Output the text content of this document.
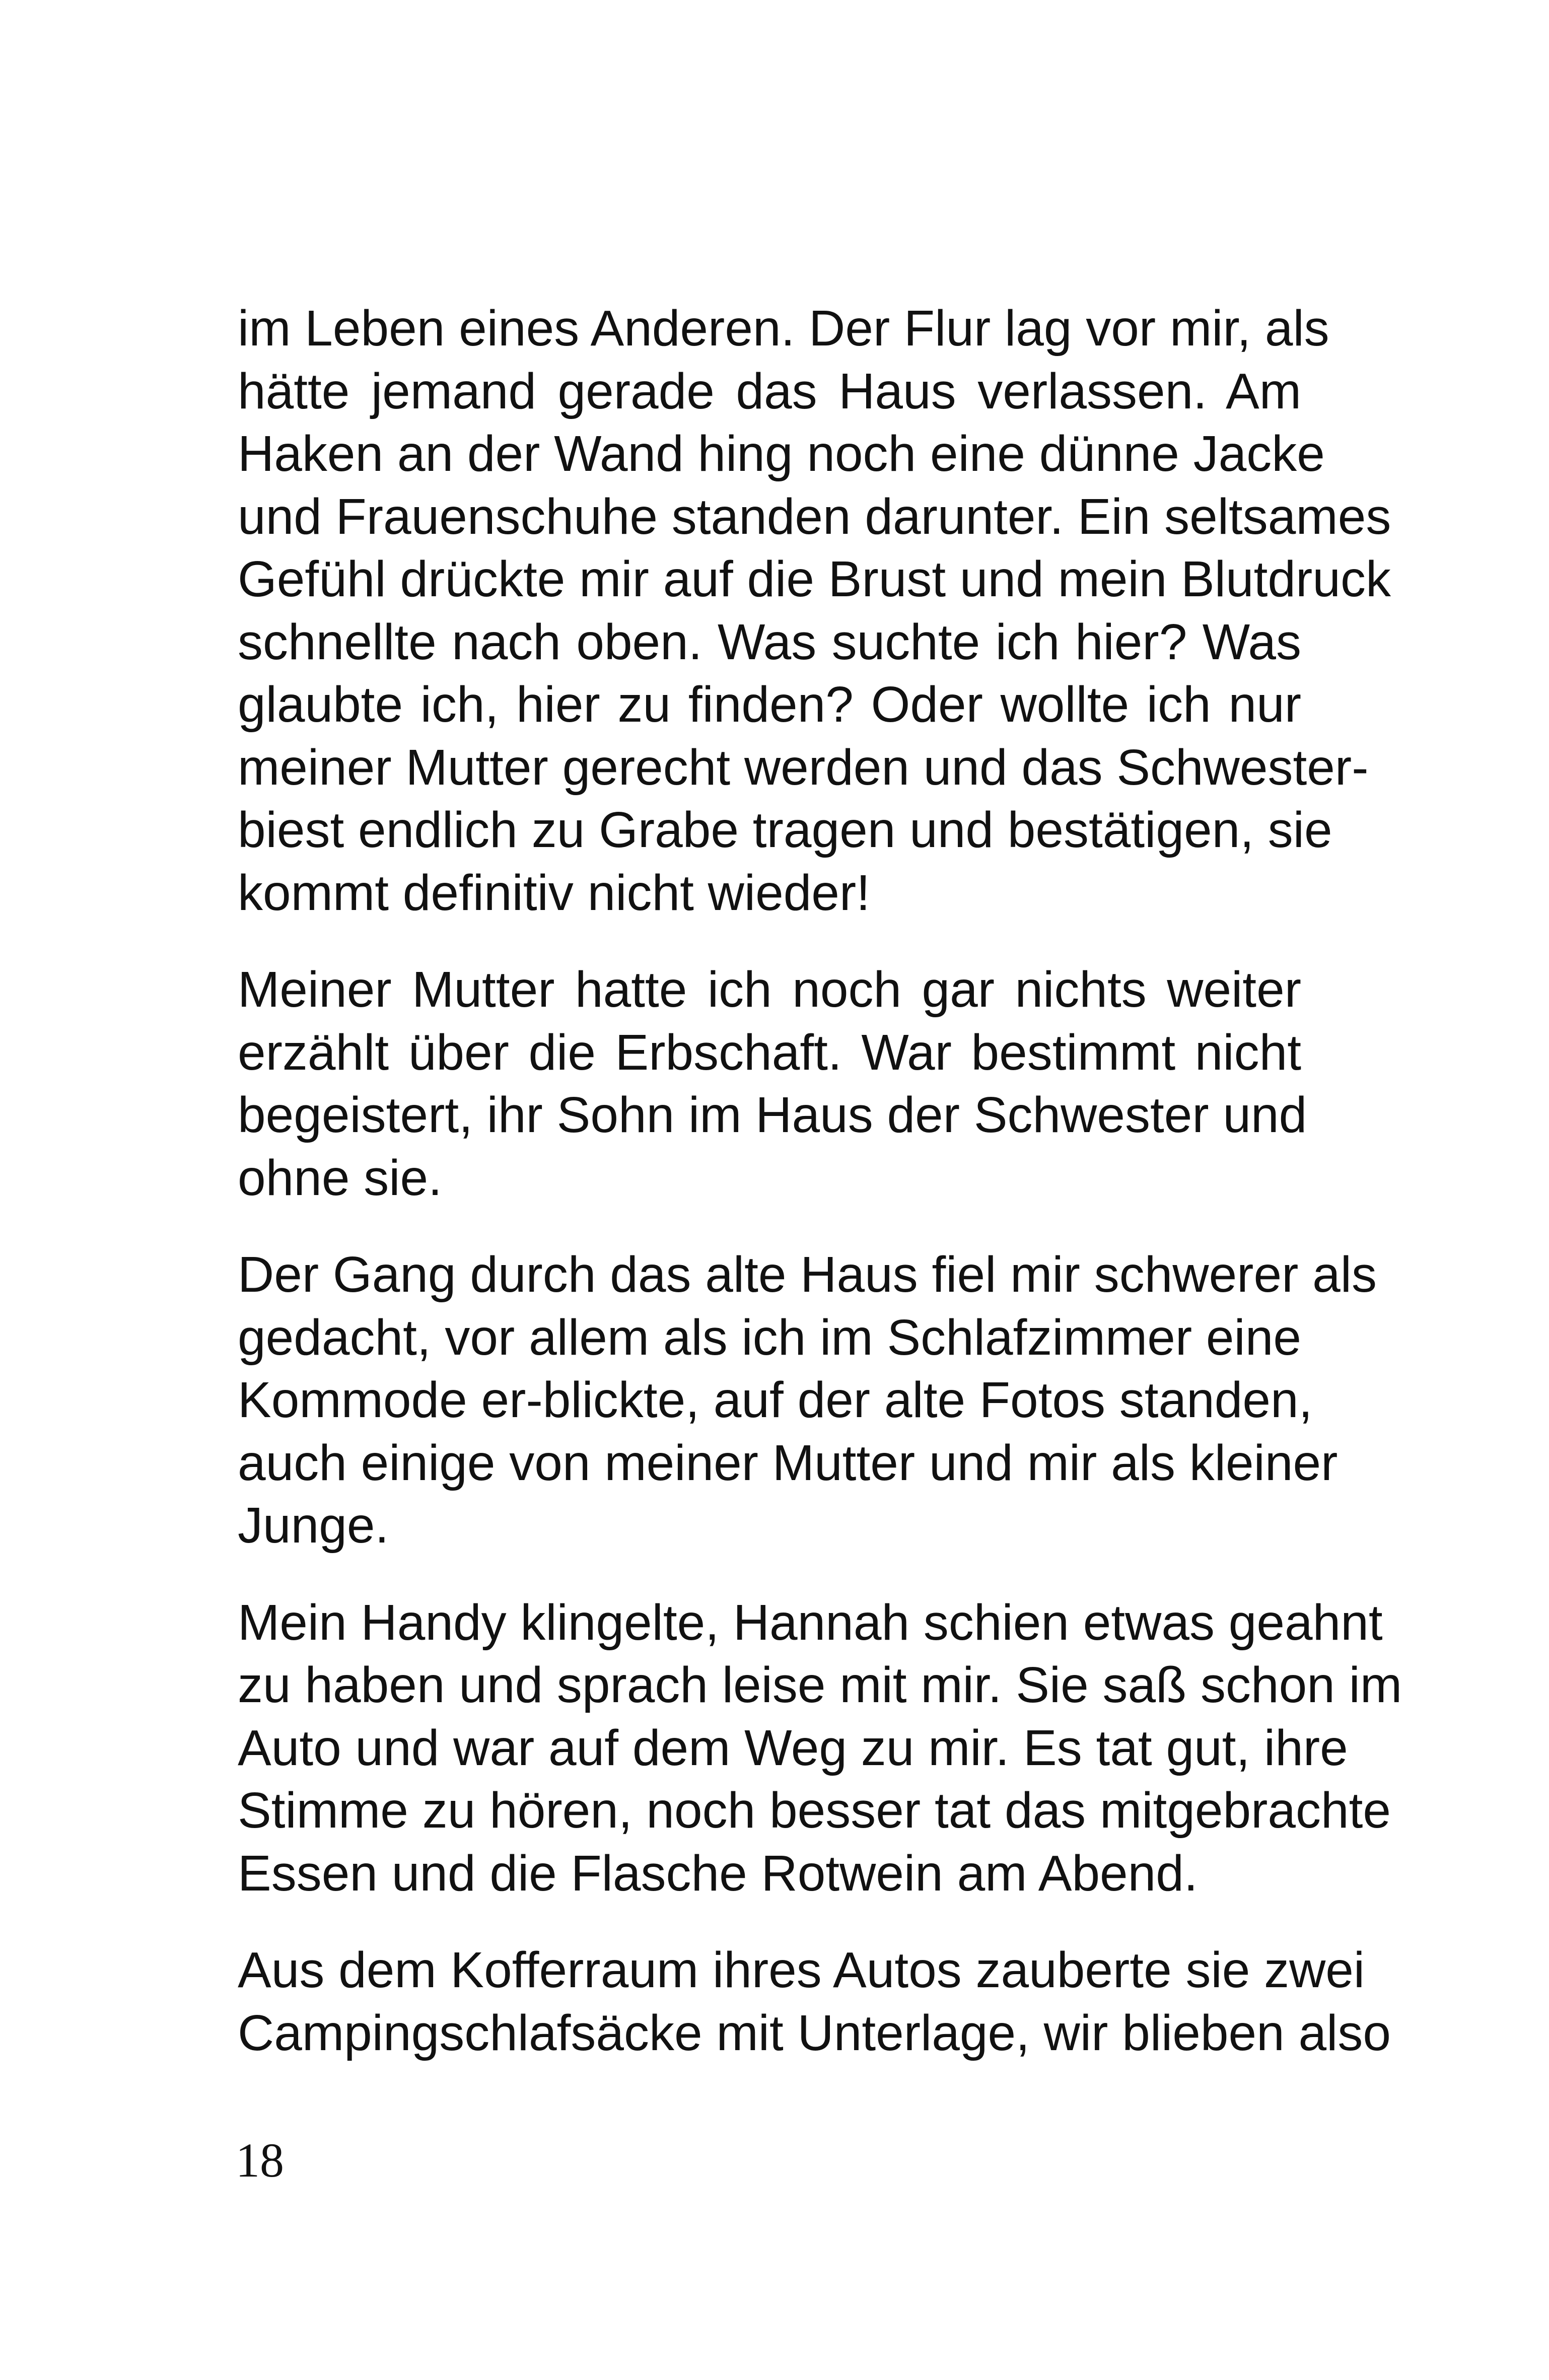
im Leben eines Anderen. Der Flur lag vor mir, als
hätte jemand gerade das Haus verlassen. Am
Haken an der Wand hing noch eine dünne Jacke
und Frauenschuhe standen darunter. Ein seltsames
Gefühl drückte mir auf die Brust und mein Blutdruck
schnellte nach oben. Was suchte ich hier? Was
glaubte ich, hier zu finden? Oder wollte ich nur
meiner Mutter gerecht werden und das Schwester-
biest endlich zu Grabe tragen und bestätigen, sie
kommt definitiv nicht wieder!
Meiner Mutter hatte ich noch gar nichts weiter
erzählt über die Erbschaft. War bestimmt nicht
begeistert, ihr Sohn im Haus der Schwester und
ohne sie.
Der Gang durch das alte Haus fiel mir schwerer als
gedacht, vor allem als ich im Schlafzimmer eine
Kommode er-blickte, auf der alte Fotos standen,
auch einige von meiner Mutter und mir als kleiner
Junge.
Mein Handy klingelte, Hannah schien etwas geahnt
zu haben und sprach leise mit mir. Sie saß schon im
Auto und war auf dem Weg zu mir. Es tat gut, ihre
Stimme zu hören, noch besser tat das mitgebrachte
Essen und die Flasche Rotwein am Abend.
Aus dem Kofferraum ihres Autos zauberte sie zwei
Campingschlafsäcke mit Unterlage, wir blieben also
18
